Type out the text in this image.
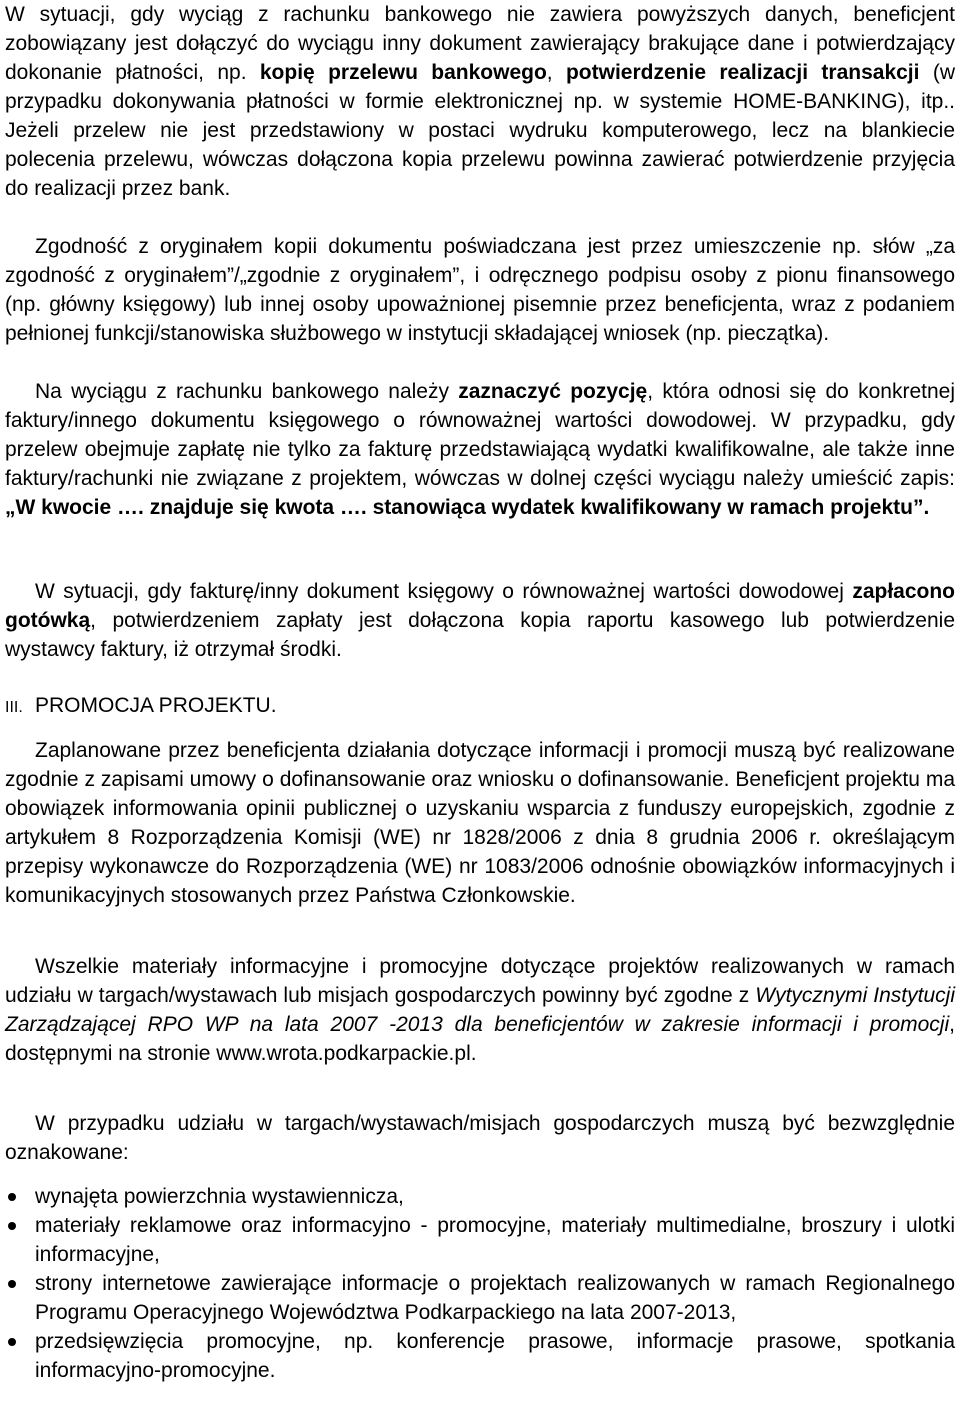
W sytuacji, gdy wyciąg z rachunku bankowego nie zawiera powyższych danych, beneficjent zobowiązany jest dołączyć do wyciągu inny dokument zawierający brakujące dane i potwierdzający dokonanie płatności, np. kopię przelewu bankowego, potwierdzenie realizacji transakcji (w przypadku dokonywania płatności w formie elektronicznej np. w systemie HOME-BANKING), itp.. Jeżeli przelew nie jest przedstawiony w postaci wydruku komputerowego, lecz na blankiecie polecenia przelewu, wówczas dołączona kopia przelewu powinna zawierać potwierdzenie przyjęcia do realizacji przez bank.

Zgodność z oryginałem kopii dokumentu poświadczana jest przez umieszczenie np. słów „za zgodność z oryginałem”/„zgodnie z oryginałem”, i odręcznego podpisu osoby z pionu finansowego (np. główny księgowy) lub innej osoby upoważnionej pisemnie przez beneficjenta, wraz z podaniem pełnionej funkcji/stanowiska służbowego w instytucji składającej wniosek (np. pieczątka).

Na wyciągu z rachunku bankowego należy zaznaczyć pozycję, która odnosi się do konkretnej faktury/innego dokumentu księgowego o równoważnej wartości dowodowej. W przypadku, gdy przelew obejmuje zapłatę nie tylko za fakturę przedstawiającą wydatki kwalifikowalne, ale także inne faktury/rachunki nie związane z projektem, wówczas w dolnej części wyciągu należy umieścić zapis: „W kwocie …. znajduje się kwota …. stanowiąca wydatek kwalifikowany w ramach projektu”.

W sytuacji, gdy fakturę/inny dokument księgowy o równoważnej wartości dowodowej zapłacono gotówką, potwierdzeniem zapłaty jest dołączona kopia raportu kasowego lub potwierdzenie wystawcy faktury, iż otrzymał środki.

III. PROMOCJA PROJEKTU.

Zaplanowane przez beneficjenta działania dotyczące informacji i promocji muszą być realizowane zgodnie z zapisami umowy o dofinansowanie oraz wniosku o dofinansowanie. Beneficjent projektu ma obowiązek informowania opinii publicznej o uzyskaniu wsparcia z funduszy europejskich, zgodnie z artykułem 8 Rozporządzenia Komisji (WE) nr 1828/2006 z dnia 8 grudnia 2006 r. określającym przepisy wykonawcze do Rozporządzenia (WE) nr 1083/2006 odnośnie obowiązków informacyjnych i komunikacyjnych stosowanych przez Państwa Członkowskie.

Wszelkie materiały informacyjne i promocyjne dotyczące projektów realizowanych w ramach udziału w targach/wystawach lub misjach gospodarczych powinny być zgodne z Wytycznymi Instytucji Zarządzającej RPO WP na lata 2007 -2013 dla beneficjentów w zakresie informacji i promocji, dostępnymi na stronie www.wrota.podkarpackie.pl.

W przypadku udziału w targach/wystawach/misjach gospodarczych muszą być bezwzględnie oznakowane:

wynajęta powierzchnia wystawiennicza,
materiały reklamowe oraz informacyjno - promocyjne, materiały multimedialne, broszury i ulotki informacyjne,
strony internetowe zawierające informacje o projektach realizowanych w ramach Regionalnego Programu Operacyjnego Województwa Podkarpackiego na lata 2007-2013,
przedsięwzięcia promocyjne, np. konferencje prasowe, informacje prasowe, spotkania informacyjno-promocyjne.
